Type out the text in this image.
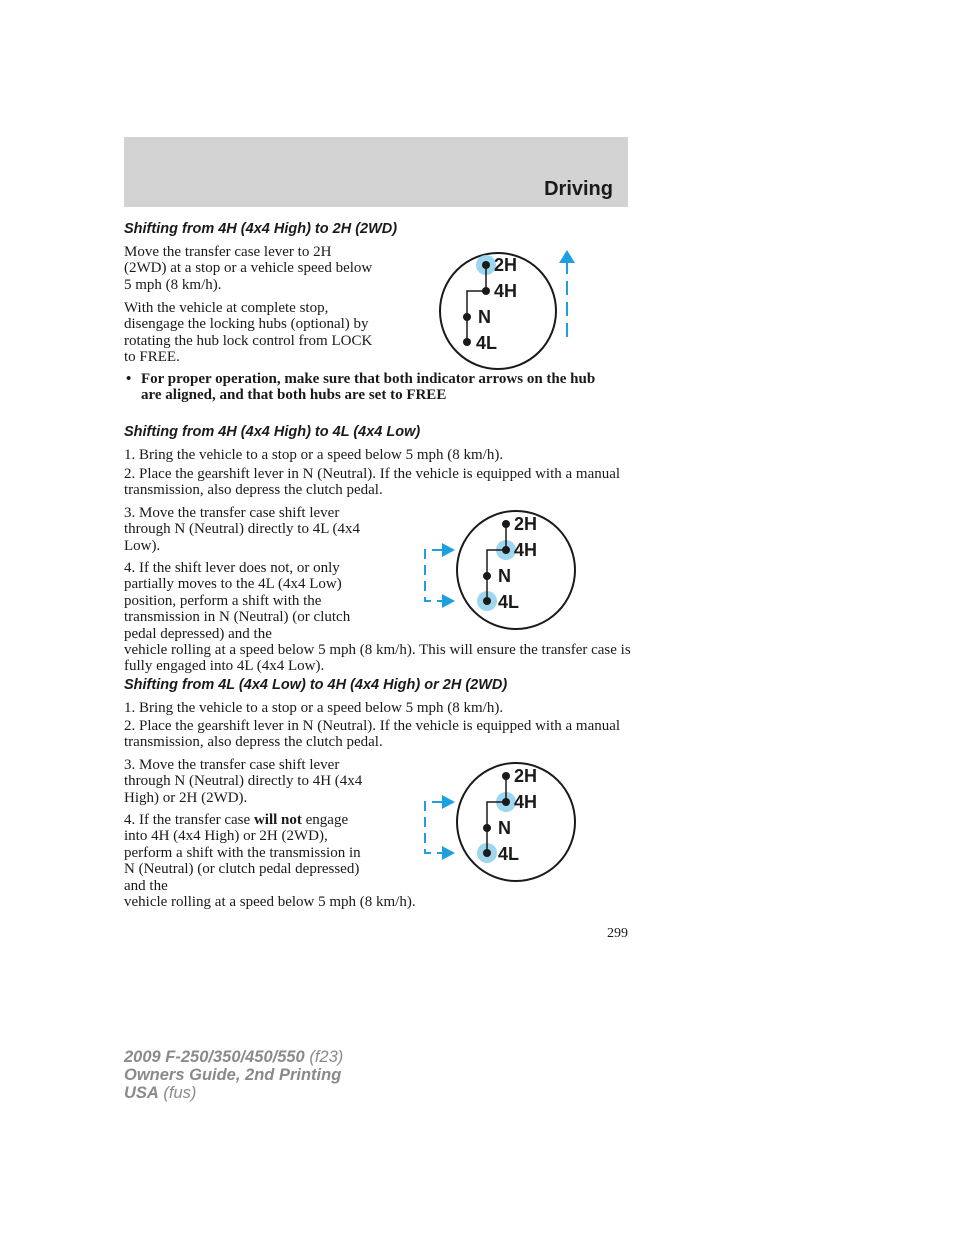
Driving
Shifting from 4H (4x4 High) to 2H (2WD)

Move the transfer case lever to 2H (2WD) at a stop or a vehicle speed below 5 mph (8 km/h).

With the vehicle at complete stop, disengage the locking hubs (optional) by rotating the hub lock control from LOCK to FREE.

• For proper operation, make sure that both indicator arrows on the hub are aligned, and that both hubs are set to FREE
2H
4H
N
4L
Shifting from 4H (4x4 High) to 4L (4x4 Low)

1. Bring the vehicle to a stop or a speed below 5 mph (8 km/h).

2. Place the gearshift lever in N (Neutral). If the vehicle is equipped with a manual transmission, also depress the clutch pedal.

3. Move the transfer case shift lever through N (Neutral) directly to 4L (4x4 Low).

4. If the shift lever does not, or only partially moves to the 4L (4x4 Low) position, perform a shift with the transmission in N (Neutral) (or clutch pedal depressed) and the

vehicle rolling at a speed below 5 mph (8 km/h). This will ensure the transfer case is fully engaged into 4L (4x4 Low).

2H
4H
N
4L
Shifting from 4L (4x4 Low) to 4H (4x4 High) or 2H (2WD)

1. Bring the vehicle to a stop or a speed below 5 mph (8 km/h).

2. Place the gearshift lever in N (Neutral). If the vehicle is equipped with a manual transmission, also depress the clutch pedal.

3. Move the transfer case shift lever through N (Neutral) directly to 4H (4x4 High) or 2H (2WD).

4. If the transfer case will not engage into 4H (4x4 High) or 2H (2WD), perform a shift with the transmission in N (Neutral) (or clutch pedal depressed) and the

vehicle rolling at a speed below 5 mph (8 km/h).

2H
4H
N
4L
299
2009 F-250/350/450/550 (f23)
Owners Guide, 2nd Printing
USA (fus)
